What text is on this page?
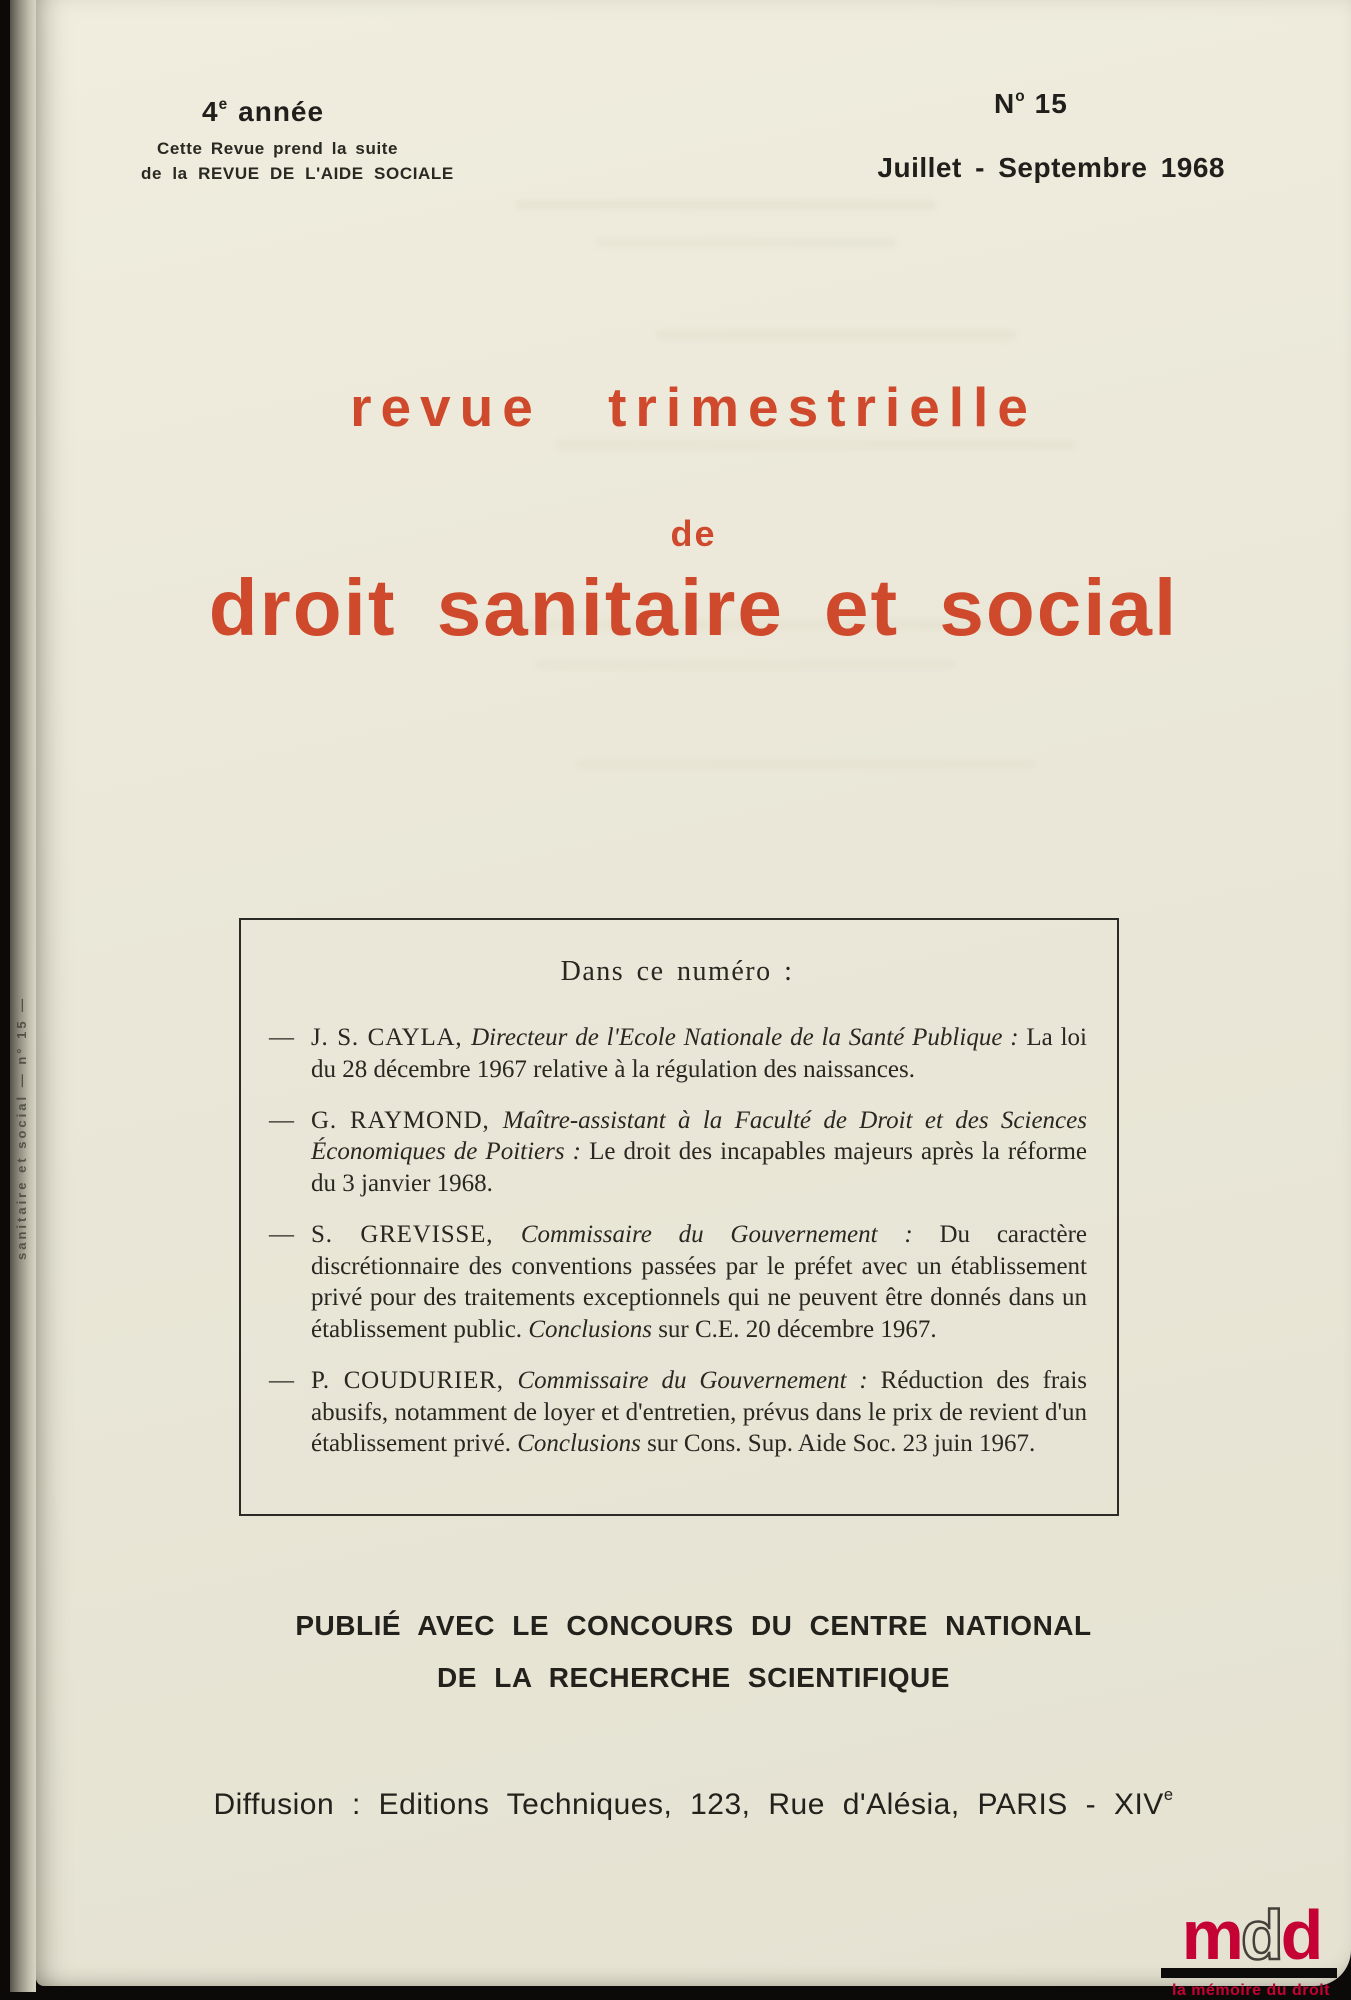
sanitaire et social — n° 15 —
4e année
Cette Revue prend la suite
de la REVUE DE L'AIDE SOCIALE
$N^o$ 15
Juillet - Septembre 1968
revue trimestrielle
de
droit sanitaire et social
Dans ce numéro :
— J. S. CAYLA, Directeur de l'Ecole Nationale de la Santé Publique : La loi du 28 décembre 1967 relative à la régulation des naissances.
— G. RAYMOND, Maître-assistant à la Faculté de Droit et des Sciences Économiques de Poitiers : Le droit des incapables majeurs après la réforme du 3 janvier 1968.
— S. GREVISSE, Commissaire du Gouvernement : Du caractère discrétionnaire des conventions passées par le préfet avec un établissement privé pour des traitements exceptionnels qui ne peuvent être donnés dans un établissement public. Conclusions sur C.E. 20 décembre 1967.
— P. COUDURIER, Commissaire du Gouvernement : Réduction des frais abusifs, notamment de loyer et d'entretien, prévus dans le prix de revient d'un établissement privé. Conclusions sur Cons. Sup. Aide Soc. 23 juin 1967.
PUBLIÉ AVEC LE CONCOURS DU CENTRE NATIONAL
DE LA RECHERCHE SCIENTIFIQUE
Diffusion : Editions Techniques, 123, Rue d'Alésia, PARIS - XIVe
mdd
la mémoire du droit
